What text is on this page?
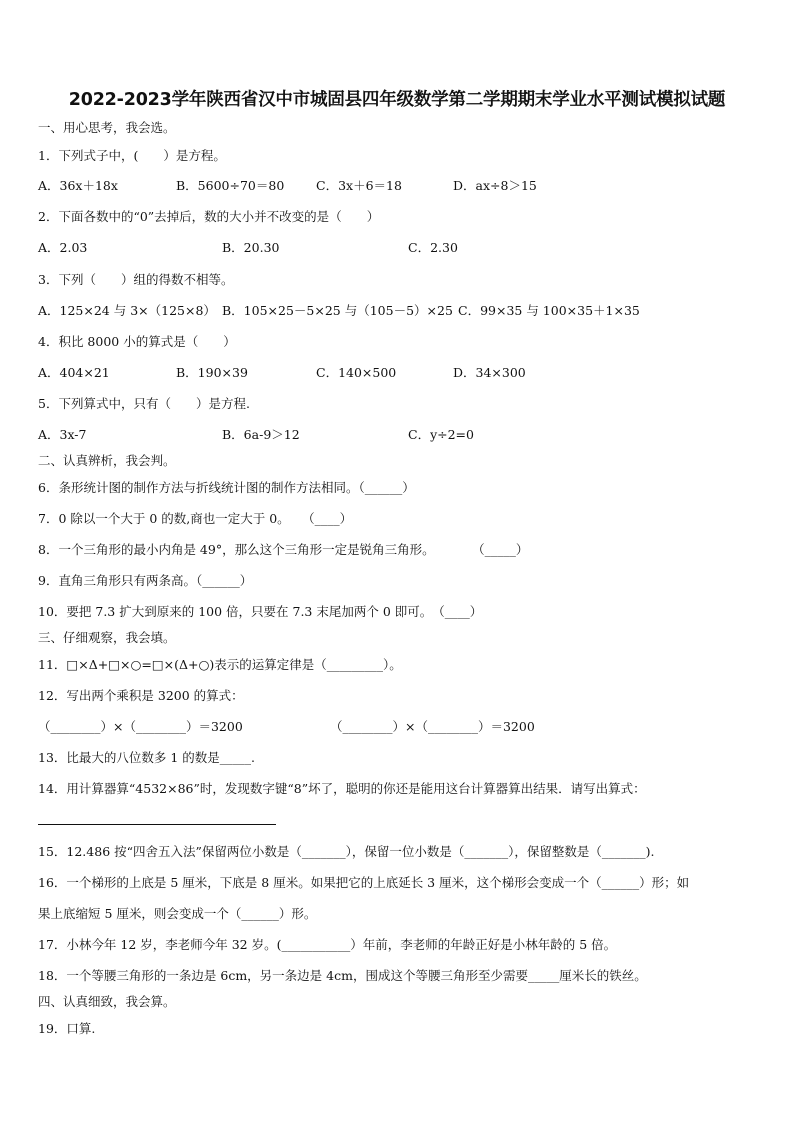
2022-2023学年陕西省汉中市城固县四年级数学第二学期期末学业水平测试模拟试题
一、用心思考，我会选。
1．下列式子中，(　　）是方程。
A．36x＋18x	B．5600÷70＝80	C．3x＋6＝18	D．ax÷8＞15
2．下面各数中的“0”去掉后，数的大小并不改变的是（　　）
A．2.03	B．20.30	C．2.30
3．下列（　　）组的得数不相等。
A．125×24 与 3×（125×8） B．105×25－5×25 与（105－5）×25 C．99×35 与 100×35＋1×35
4．积比 8000 小的算式是（　　）
A．404×21	B．190×39	C．140×500	D．34×300
5．下列算式中，只有（　　）是方程.
A．3x-7	B．6a-9＞12	C．y÷2=0
二、认真辨析，我会判。
6．条形统计图的制作方法与折线统计图的制作方法相同。（______）
7．0 除以一个大于 0 的数,商也一定大于 0。　　（____）
8．一个三角形的最小内角是 49°，那么这个三角形一定是锐角三角形。　　　　（_____）
9．直角三角形只有两条高。（______）
10．要把 7.3 扩大到原来的 100 倍，只要在 7.3 末尾加两个 0 即可。　（____）
三、仔细观察，我会填。
11．□×Δ+□×○=□×(Δ+○)表示的运算定律是（_________）。
12．写出两个乘积是 3200 的算式：
（________）×（________）＝3200	（________）×（________）＝3200
13．比最大的八位数多 1 的数是_____.
14．用计算器算“4532×86”时，发现数字键“8”坏了，聪明的你还是能用这台计算器算出结果．请写出算式：
15．12.486 按“四舍五入法”保留两位小数是（_______），保留一位小数是（_______），保留整数是（_______).
16．一个梯形的上底是 5 厘米，下底是 8 厘米。如果把它的上底延长 3 厘米，这个梯形会变成一个（______）形；如
果上底缩短 5 厘米，则会变成一个（______）形。
17．小林今年 12 岁，李老师今年 32 岁。(___________）年前，李老师的年龄正好是小林年龄的 5 倍。
18．一个等腰三角形的一条边是 6cm，另一条边是 4cm，围成这个等腰三角形至少需要_____厘米长的铁丝。
四、认真细致，我会算。
19．口算.
